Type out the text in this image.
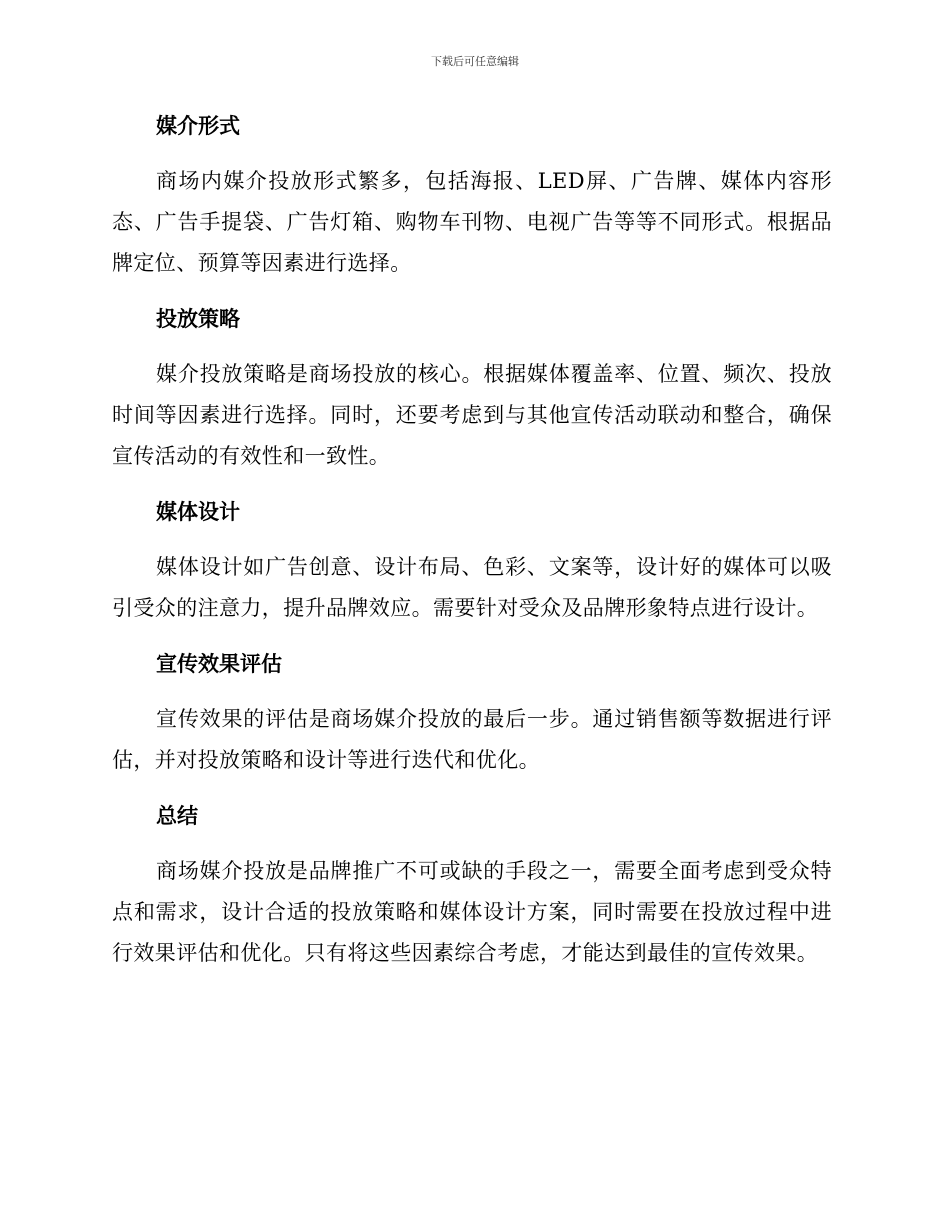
下载后可任意编辑
媒介形式

商场内媒介投放形式繁多，包括海报、LED屏、广告牌、媒体内容形态、广告手提袋、广告灯箱、购物车刊物、电视广告等等不同形式。根据品牌定位、预算等因素进行选择。

投放策略

媒介投放策略是商场投放的核心。根据媒体覆盖率、位置、频次、投放时间等因素进行选择。同时，还要考虑到与其他宣传活动联动和整合，确保宣传活动的有效性和一致性。

媒体设计

媒体设计如广告创意、设计布局、色彩、文案等，设计好的媒体可以吸引受众的注意力，提升品牌效应。需要针对受众及品牌形象特点进行设计。

宣传效果评估

宣传效果的评估是商场媒介投放的最后一步。通过销售额等数据进行评估，并对投放策略和设计等进行迭代和优化。

总结

商场媒介投放是品牌推广不可或缺的手段之一，需要全面考虑到受众特点和需求，设计合适的投放策略和媒体设计方案，同时需要在投放过程中进行效果评估和优化。只有将这些因素综合考虑，才能达到最佳的宣传效果。
